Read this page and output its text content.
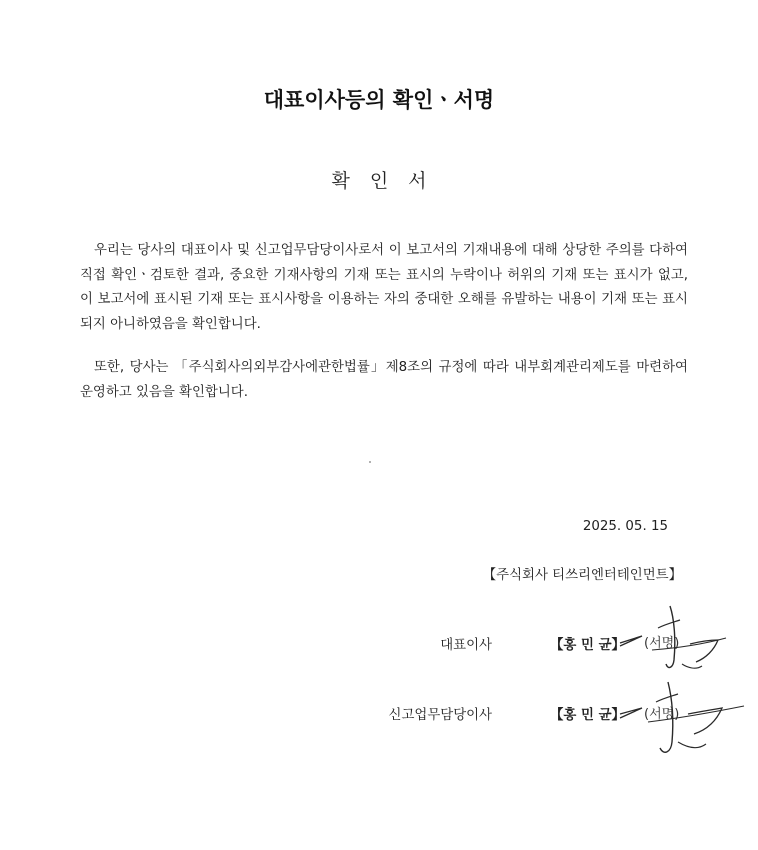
대표이사등의 확인ㆍ서명
확인서

우리는 당사의 대표이사 및 신고업무담당이사로서 이 보고서의 기재내용에 대해 상당한 주의를 다하여 직접 확인ㆍ검토한 결과, 중요한 기재사항의 기재 또는 표시의 누락이나 허위의 기재 또는 표시가 없고, 이 보고서에 표시된 기재 또는 표시사항을 이용하는 자의 중대한 오해를 유발하는 내용이 기재 또는 표시되지 아니하였음을 확인합니다.

또한, 당사는 「주식회사의외부감사에관한법률」제8조의 규정에 따라 내부회계관리제도를 마련하여 운영하고 있음을 확인합니다.

2025. 05. 15
【주식회사 티쓰리엔터테인먼트】
대표이사	【홍 민 균】 (서명)
신고업무담당이사	【홍 민 균】 (서명)
